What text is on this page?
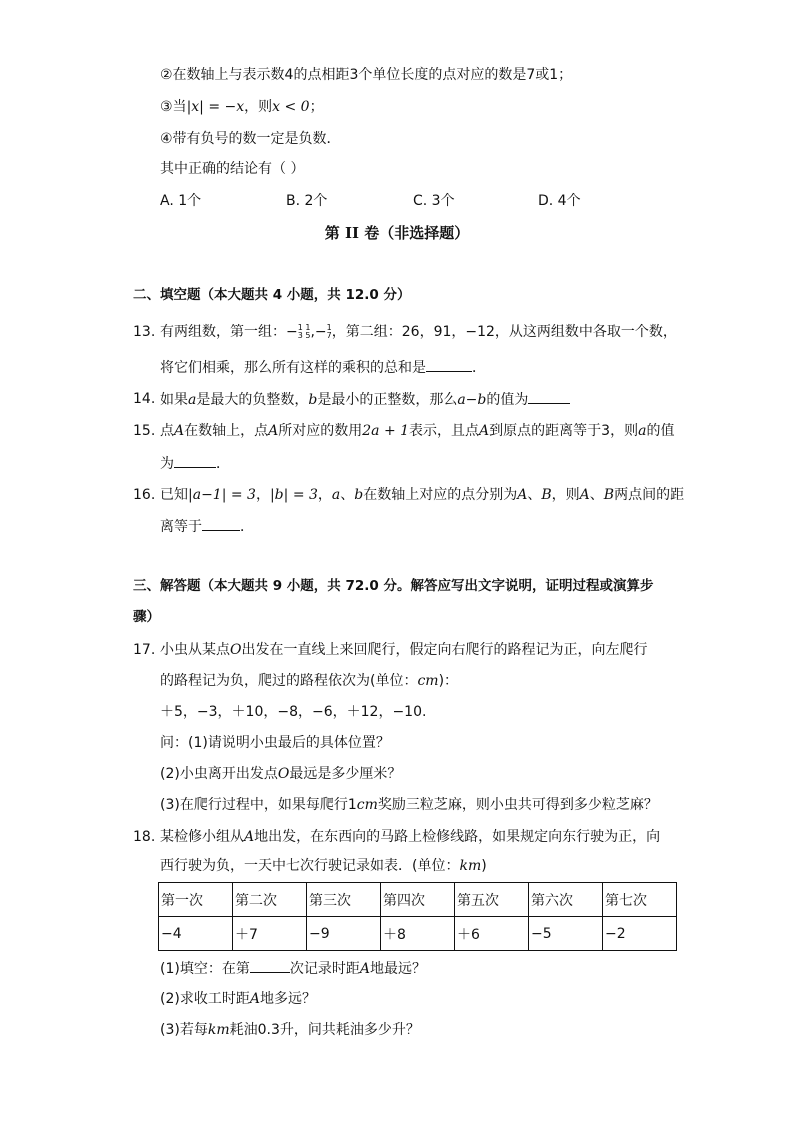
②在数轴上与表示数4的点相距3个单位长度的点对应的数是7或1；
③当|x| = −x，则x < 0；
④带有负号的数一定是负数．
其中正确的结论有（ ）
A. 1个	B. 2个	C. 3个	D. 4个
第 II 卷（非选择题）
二、填空题（本大题共 4 小题，共 12.0 分）
13. 有两组数，第一组：− 1 1
3 5 ,− 1
7 ，第二组：26，91，−12，从这两组数中各取一个数，
将它们相乘，那么所有这样的乘积的总和是	．
14. 如果a是最大的负整数，b是最小的正整数，那么a−b的值为
15. 点A在数轴上，点A所对应的数用2a + 1表示，且点A到原点的距离等于3，则a的值
为	．
16. 已知|a−1| = 3，|b| = 3，a、b在数轴上对应的点分别为A、B，则A、B两点间的距
离等于	．
三、解答题（本大题共 9 小题，共 72.0 分。解答应写出文字说明，证明过程或演算步
骤）
17. 小虫从某点O出发在一直线上来回爬行，假定向右爬行的路程记为正，向左爬行
的路程记为负，爬过的路程依次为(单位：cm)：
＋5，−3，＋10，−8，−6，＋12，−10.
问：(1)请说明小虫最后的具体位置？
(2)小虫离开出发点O最远是多少厘米？
(3)在爬行过程中，如果每爬行1cm奖励三粒芝麻，则小虫共可得到多少粒芝麻？
18. 某检修小组从A地出发，在东西向的马路上检修线路，如果规定向东行驶为正，向
西行驶为负，一天中七次行驶记录如表．(单位：km)
第一次	第二次	第三次	第四次	第五次	第六次	第七次
−4	＋7	−9	＋8	＋6	−5	−2
(1)填空：在第	次记录时距A地最远？
(2)求收工时距A地多远？
(3)若每km耗油0.3升，问共耗油多少升？
